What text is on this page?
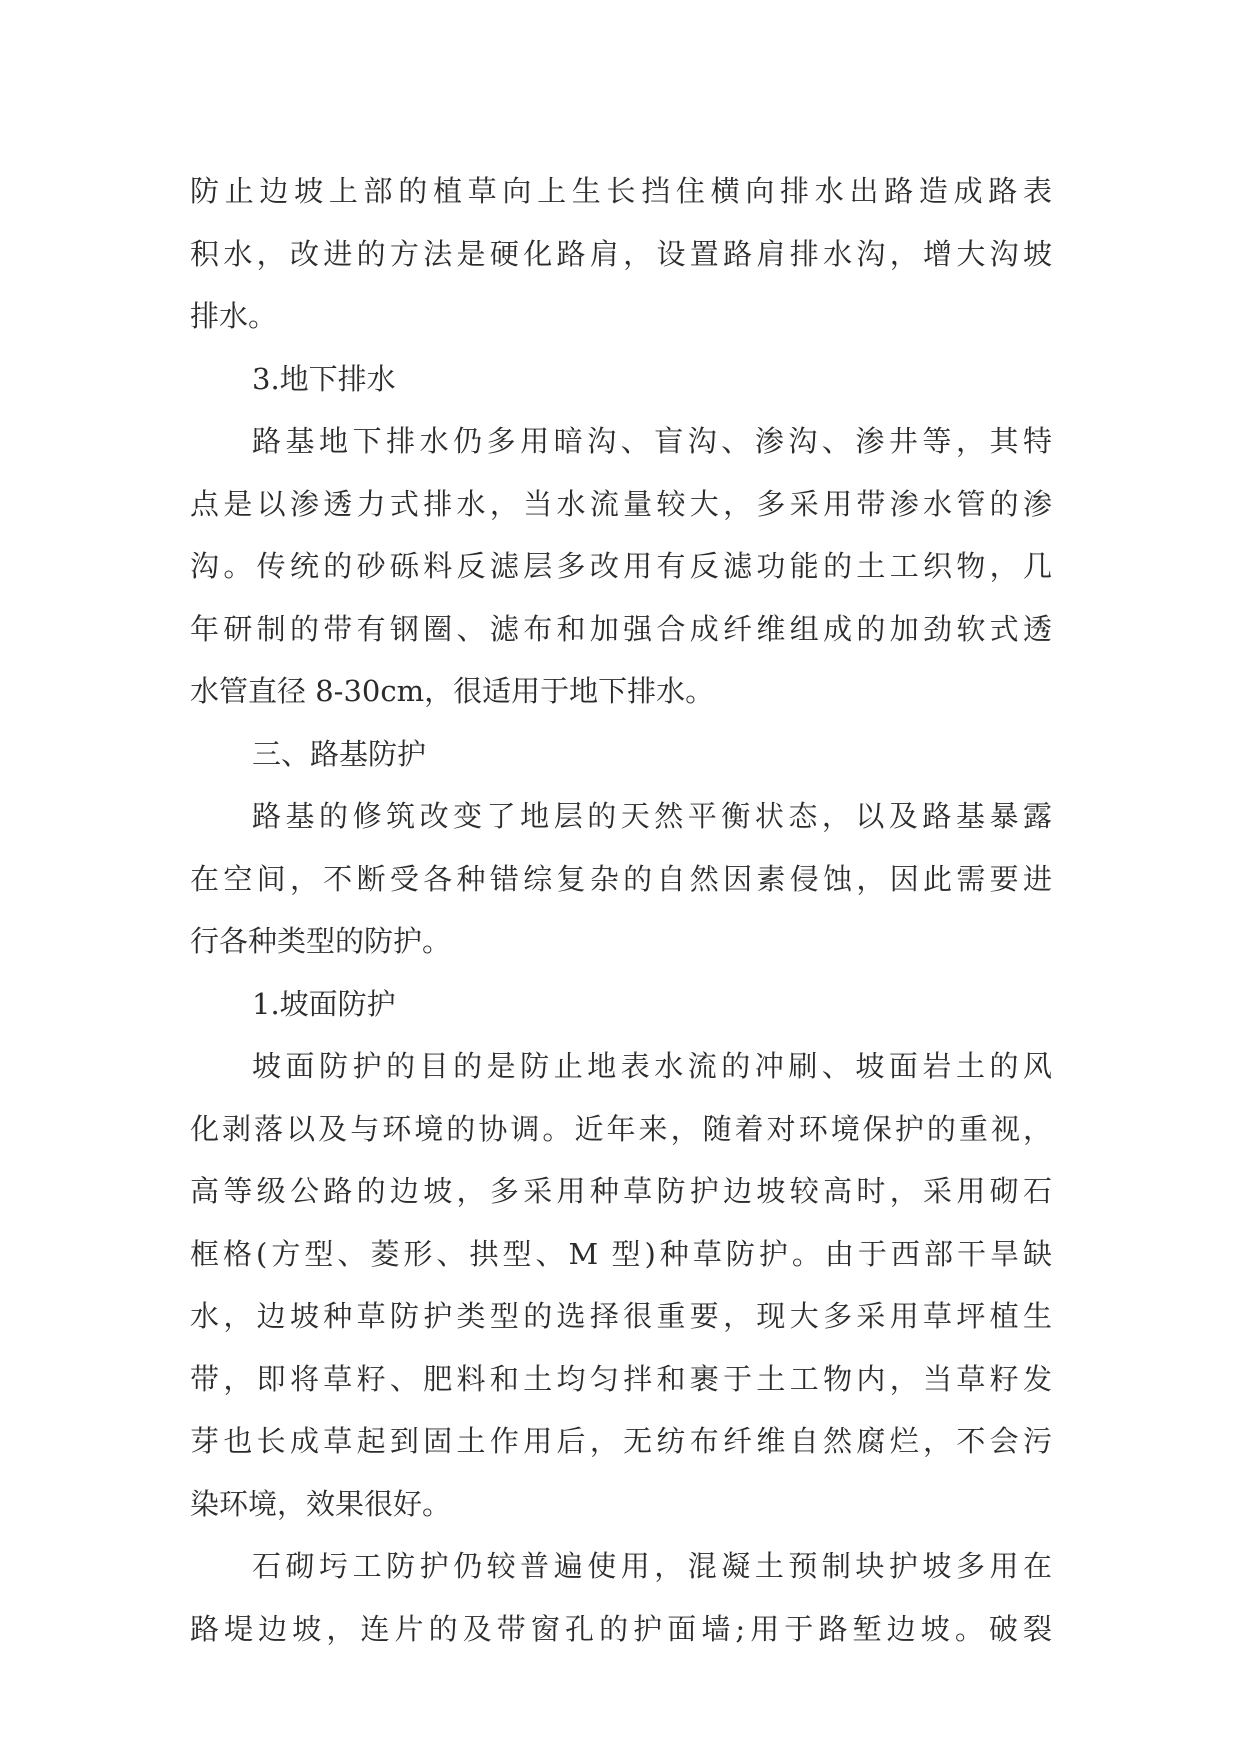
防止边坡上部的植草向上生长挡住横向排水出路造成路表
积水，改进的方法是硬化路肩，设置路肩排水沟，增大沟坡
排水。
3.地下排水
路基地下排水仍多用暗沟、盲沟、渗沟、渗井等，其特
点是以渗透力式排水，当水流量较大，多采用带渗水管的渗
沟。传统的砂砾料反滤层多改用有反滤功能的土工织物，几
年研制的带有钢圈、滤布和加强合成纤维组成的加劲软式透
水管直径 8-30cm，很适用于地下排水。
三、路基防护
路基的修筑改变了地层的天然平衡状态，以及路基暴露
在空间，不断受各种错综复杂的自然因素侵蚀，因此需要进
行各种类型的防护。
1.坡面防护
坡面防护的目的是防止地表水流的冲刷、坡面岩土的风
化剥落以及与环境的协调。近年来，随着对环境保护的重视，
高等级公路的边坡，多采用种草防护边坡较高时，采用砌石
框格(方型、菱形、拱型、M 型)种草防护。由于西部干旱缺
水，边坡种草防护类型的选择很重要，现大多采用草坪植生
带，即将草籽、肥料和土均匀拌和裹于土工物内，当草籽发
芽也长成草起到固土作用后，无纺布纤维自然腐烂，不会污
染环境，效果很好。
石砌圬工防护仍较普遍使用，混凝土预制块护坡多用在
路堤边坡，连片的及带窗孔的护面墙;用于路堑边坡。破裂
